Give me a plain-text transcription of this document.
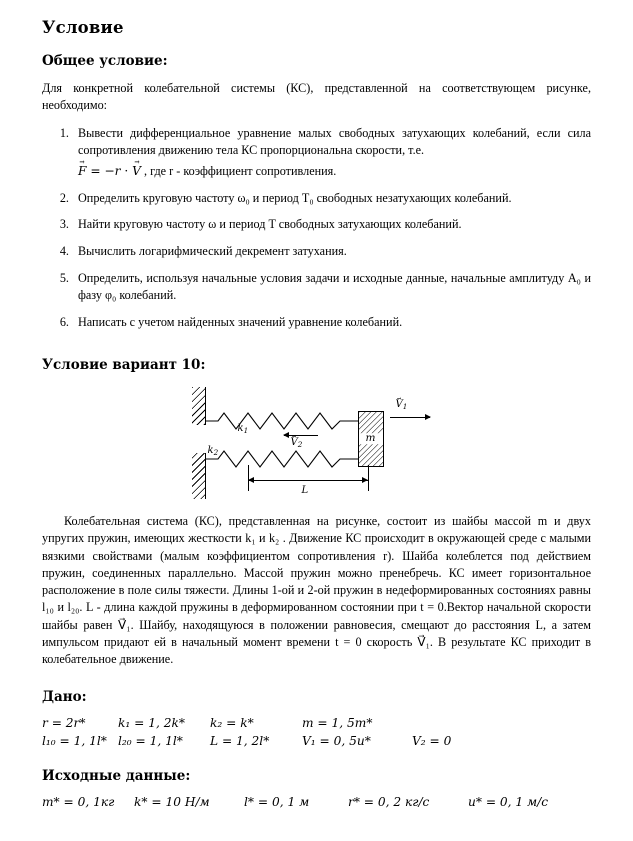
Условие
Общее условие:

Для конкретной колебательной системы (КС), представленной на соответствующем рисунке, необходимо:

1. Вывести дифференциальное уравнение малых свободных затухающих колебаний, если сила сопротивления движению тела КС пропорциональна скорости, т.е.
F → = −r · V → , где r - коэффициент сопротивления.
2. Определить круговую частоту ω₀ и период T₀ свободных незатухающих колебаний.
3. Найти круговую частоту ω и период T свободных затухающих колебаний.
4. Вычислить логарифмический декремент затухания.
5. Определить, используя начальные условия задачи и исходные данные, начальные амплитуду A₀ и фазу φ₀ колебаний.
6. Написать с учетом найденных значений уравнение колебаний.
Условие вариант 10:
$k_1$
$k_2$
$V \to_2$
$V \to_1$
m
L

Колебательная система (КС), представленная на рисунке, состоит из шайбы массой m и двух упругих пружин, имеющих жесткости k₁ и k₂ . Движение КС происходит в окружающей среде с малыми вязкими свойствами (малым коэффициентом сопротивления r). Шайба колеблется под действием пружин, соединенных параллельно. Массой пружин можно пренебречь. КС имеет горизонтальное расположение в поле силы тяжести. Длины 1-ой и 2-ой пружин в недеформированных состояниях равны l₁₀ и l₂₀. L - длина каждой пружины в деформированном состоянии при t = 0.Вектор начальной скорости шайбы равен V⃗₁. Шайбу, находящуюся в положении равновесия, смещают до расстояния L, а затем импульсом придают ей в начальный момент времени t = 0 скорость V⃗₁. В результате КС приходит в колебательное движение.

Дано:
r = 2r*	k₁ = 1, 2k*	k₂ = k*	m = 1, 5m*
l₁₀ = 1, 1l* l₂₀ = 1, 1l*	L = 1, 2l*	V₁ = 0, 5u*	V₂ = 0
Исходные данные:
m* = 0, 1кг	k* = 10 Н/м	l* = 0, 1 м	r* = 0, 2 кг/с	u* = 0, 1 м/с
